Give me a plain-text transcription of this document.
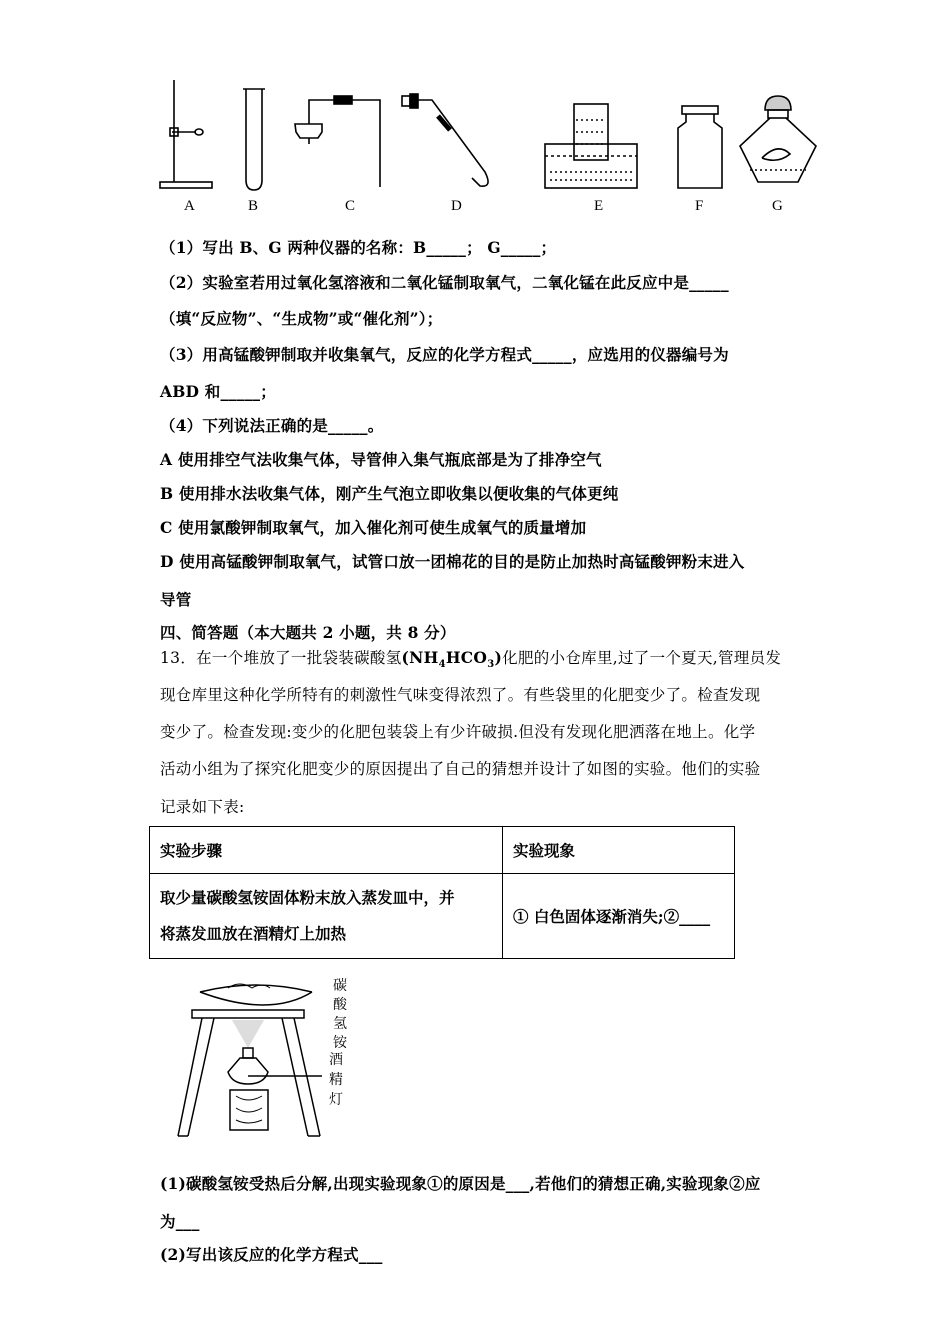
A	B	C	D	E	F	G
（1）写出 B、G 两种仪器的名称：B_____； G_____；
（2）实验室若用过氧化氢溶液和二氧化锰制取氧气，二氧化锰在此反应中是_____
（填“反应物”、“生成物”或“催化剂”）；
（3）用高锰酸钾制取并收集氧气，反应的化学方程式_____，应选用的仪器编号为
ABD 和_____；
（4）下列说法正确的是_____。
A 使用排空气法收集气体，导管伸入集气瓶底部是为了排净空气
B 使用排水法收集气体，刚产生气泡立即收集以便收集的气体更纯
C 使用氯酸钾制取氧气，加入催化剂可使生成氧气的质量增加
D 使用高锰酸钾制取氧气，试管口放一团棉花的目的是防止加热时高锰酸钾粉末进入
导管
四、简答题（本大题共 2 小题，共 8 分）
13．在一个堆放了一批袋装碳酸氢$(NH_4HCO_3)$化肥的小仓库里,过了一个夏天,管理员发
现仓库里这种化学所特有的刺激性气味变得浓烈了。有些袋里的化肥变少了。检查发现
变少了。检查发现:变少的化肥包装袋上有少许破损.但没有发现化肥洒落在地上。化学
活动小组为了探究化肥变少的原因提出了自己的猜想并设计了如图的实验。他们的实验
记录如下表:
实验步骤	实验现象

取少量碳酸氢铵固体粉末放入蒸发皿中，并
将蒸发皿放在酒精灯上加热	① 白色固体逐渐消失;②____
碳酸
氢铵
酒
精
灯
(1)碳酸氢铵受热后分解,出现实验现象①的原因是___,若他们的猜想正确,实验现象②应
为___
(2)写出该反应的化学方程式___
